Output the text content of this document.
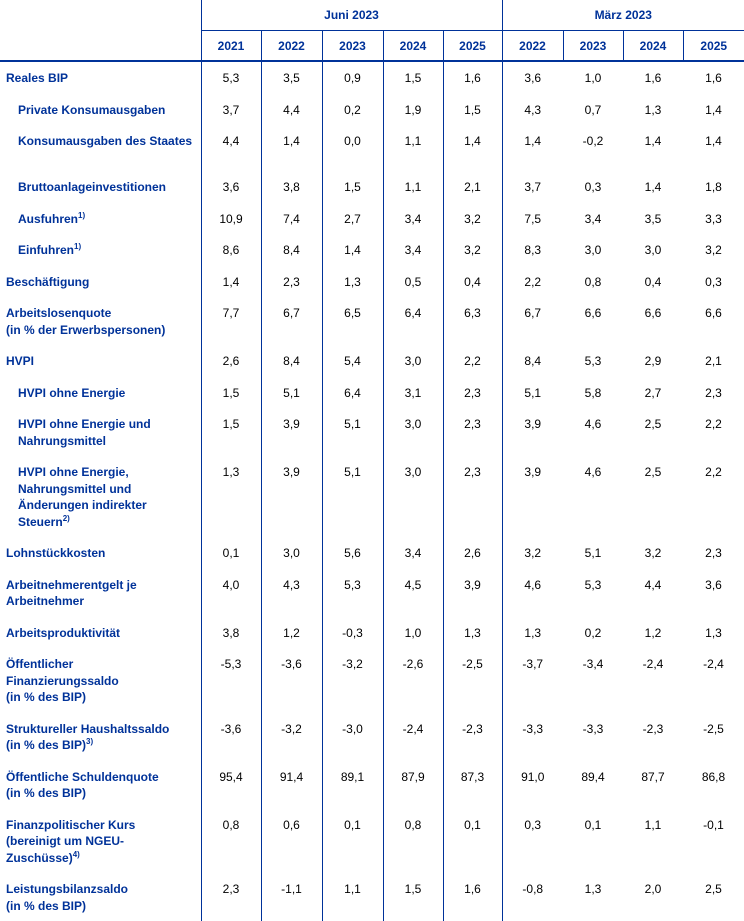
	Juni 2023					März 2023			
	2021	2022	2023	2024	2025	2022	2023	2024	2025
Reales BIP	5,3	3,5	0,9	1,5	1,6	3,6	1,0	1,6	1,6
Private Konsumausgaben	3,7	4,4	0,2	1,9	1,5	4,3	0,7	1,3	1,4
Konsumausgaben des Staates	4,4	1,4	0,0	1,1	1,4	1,4	-0,2	1,4	1,4
Bruttoanlageinvestitionen	3,6	3,8	1,5	1,1	2,1	3,7	0,3	1,4	1,8
Ausfuhren$^{1)}$	10,9	7,4	2,7	3,4	3,2	7,5	3,4	3,5	3,3
Einfuhren$^{1)}$	8,6	8,4	1,4	3,4	3,2	8,3	3,0	3,0	3,2
Beschäftigung	1,4	2,3	1,3	0,5	0,4	2,2	0,8	0,4	0,3
Arbeitslosenquote
(in % der Erwerbspersonen)	7,7	6,7	6,5	6,4	6,3	6,7	6,6	6,6	6,6
HVPI	2,6	8,4	5,4	3,0	2,2	8,4	5,3	2,9	2,1
HVPI ohne Energie	1,5	5,1	6,4	3,1	2,3	5,1	5,8	2,7	2,3
HVPI ohne Energie und Nahrungsmittel	1,5	3,9	5,1	3,0	2,3	3,9	4,6	2,5	2,2
HVPI ohne Energie, Nahrungsmittel und Änderungen indirekter Steuern$^{2)}$	1,3	3,9	5,1	3,0	2,3	3,9	4,6	2,5	2,2
Lohnstückkosten	0,1	3,0	5,6	3,4	2,6	3,2	5,1	3,2	2,3
Arbeitnehmerentgelt je Arbeitnehmer	4,0	4,3	5,3	4,5	3,9	4,6	5,3	4,4	3,6
Arbeitsproduktivität	3,8	1,2	-0,3	1,0	1,3	1,3	0,2	1,2	1,3
Öffentlicher
Finanzierungssaldo
(in % des BIP)	-5,3	-3,6	-3,2	-2,6	-2,5	-3,7	-3,4	-2,4	-2,4
Struktureller Haushaltssaldo
(in % des BIP)$^{3)}$	-3,6	-3,2	-3,0	-2,4	-2,3	-3,3	-3,3	-2,3	-2,5
Öffentliche Schuldenquote
(in % des BIP)	95,4	91,4	89,1	87,9	87,3	91,0	89,4	87,7	86,8
Finanzpolitischer Kurs
(bereinigt um NGEU-
Zuschüsse)$^{4)}$	0,8	0,6	0,1	0,8	0,1	0,3	0,1	1,1	-0,1
Leistungsbilanzsaldo
(in % des BIP)	2,3	-1,1	1,1	1,5	1,6	-0,8	1,3	2,0	2,5
